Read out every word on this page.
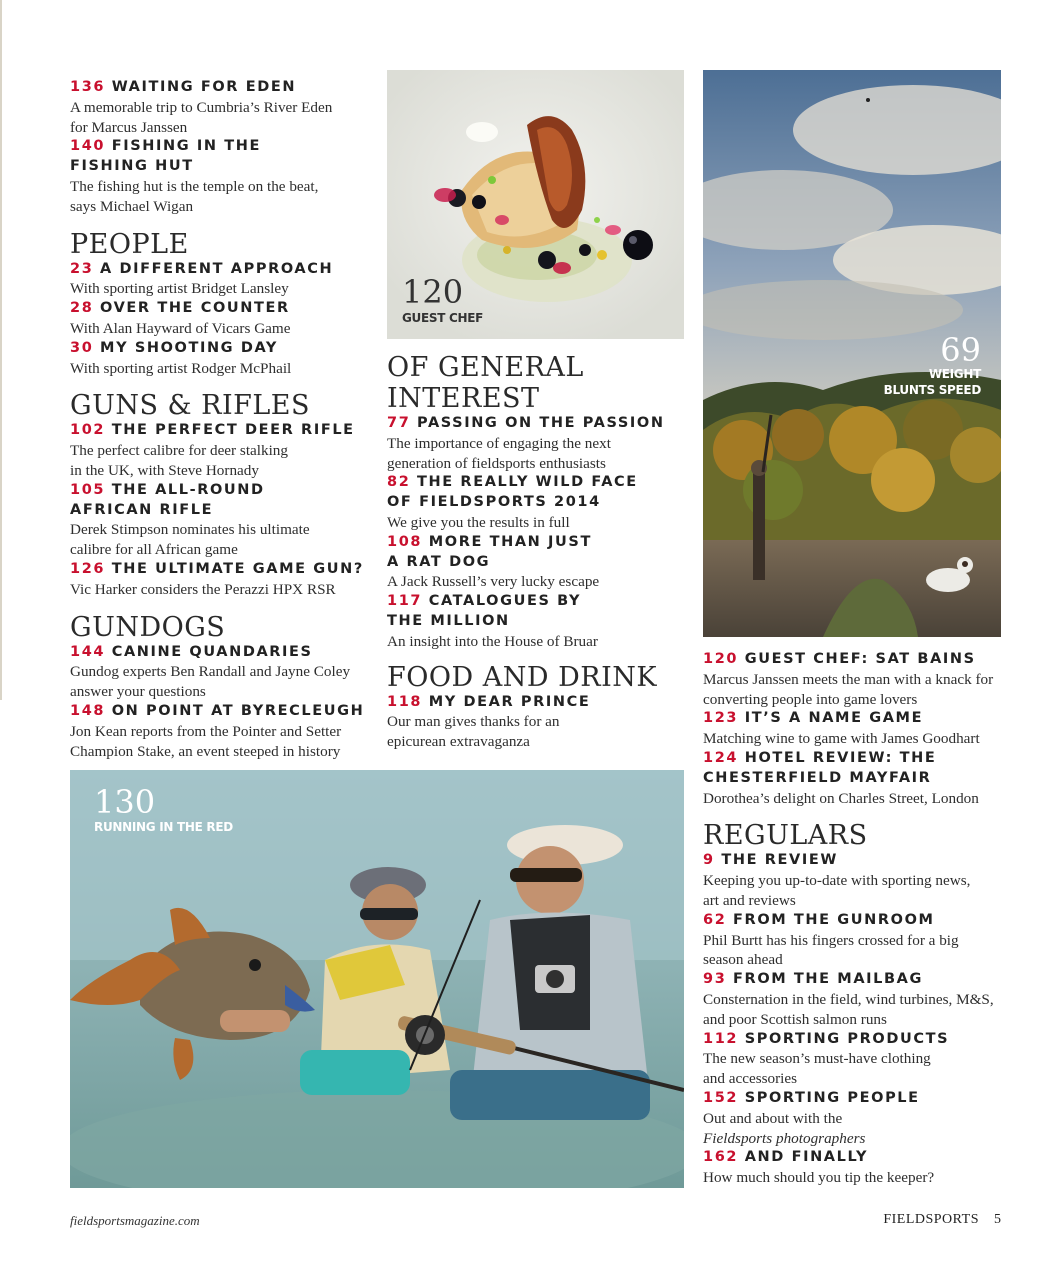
136 WAITING FOR EDEN
A memorable trip to Cumbria’s River Eden
for Marcus Janssen
140 FISHING IN THE
FISHING HUT
The fishing hut is the temple on the beat,
says Michael Wigan
PEOPLE
23 A DIFFERENT APPROACH
With sporting artist Bridget Lansley
28 OVER THE COUNTER
With Alan Hayward of Vicars Game
30 MY SHOOTING DAY
With sporting artist Rodger McPhail
GUNS & RIFLES
102 THE PERFECT DEER RIFLE
The perfect calibre for deer stalking
in the UK, with Steve Hornady
105 THE ALL-ROUND
AFRICAN RIFLE
Derek Stimpson nominates his ultimate
calibre for all African game
126 THE ULTIMATE GAME GUN?
Vic Harker considers the Perazzi HPX RSR
GUNDOGS
144 CANINE QUANDARIES
Gundog experts Ben Randall and Jayne Coley
answer your questions
148 ON POINT AT BYRECLEUGH
Jon Kean reports from the Pointer and Setter
Champion Stake, an event steeped in history
120
GUEST CHEF
OF GENERAL
INTEREST
77 PASSING ON THE PASSION
The importance of engaging the next
generation of fieldsports enthusiasts
82 THE REALLY WILD FACE
OF FIELDSPORTS 2014
We give you the results in full
108 MORE THAN JUST
A RAT DOG
A Jack Russell’s very lucky escape
117 CATALOGUES BY
THE MILLION
An insight into the House of Bruar
FOOD AND DRINK
118 MY DEAR PRINCE
Our man gives thanks for an
epicurean extravaganza
69
WEIGHT
BLUNTS SPEED
120 GUEST CHEF: SAT BAINS
Marcus Janssen meets the man with a knack for
converting people into game lovers
123 IT’S A NAME GAME
Matching wine to game with James Goodhart
124 HOTEL REVIEW: THE
CHESTERFIELD MAYFAIR
Dorothea’s delight on Charles Street, London
REGULARS
9 THE REVIEW
Keeping you up-to-date with sporting news,
art and reviews
62 FROM THE GUNROOM
Phil Burtt has his fingers crossed for a big
season ahead
93 FROM THE MAILBAG
Consternation in the field, wind turbines, M&S,
and poor Scottish salmon runs
112 SPORTING PRODUCTS
The new season’s must-have clothing
and accessories
152 SPORTING PEOPLE
Out and about with the
Fieldsports photographers
162 AND FINALLY
How much should you tip the keeper?
130
RUNNING IN THE RED
fieldsportsmagazine.com	FIELDSPORTS 5
